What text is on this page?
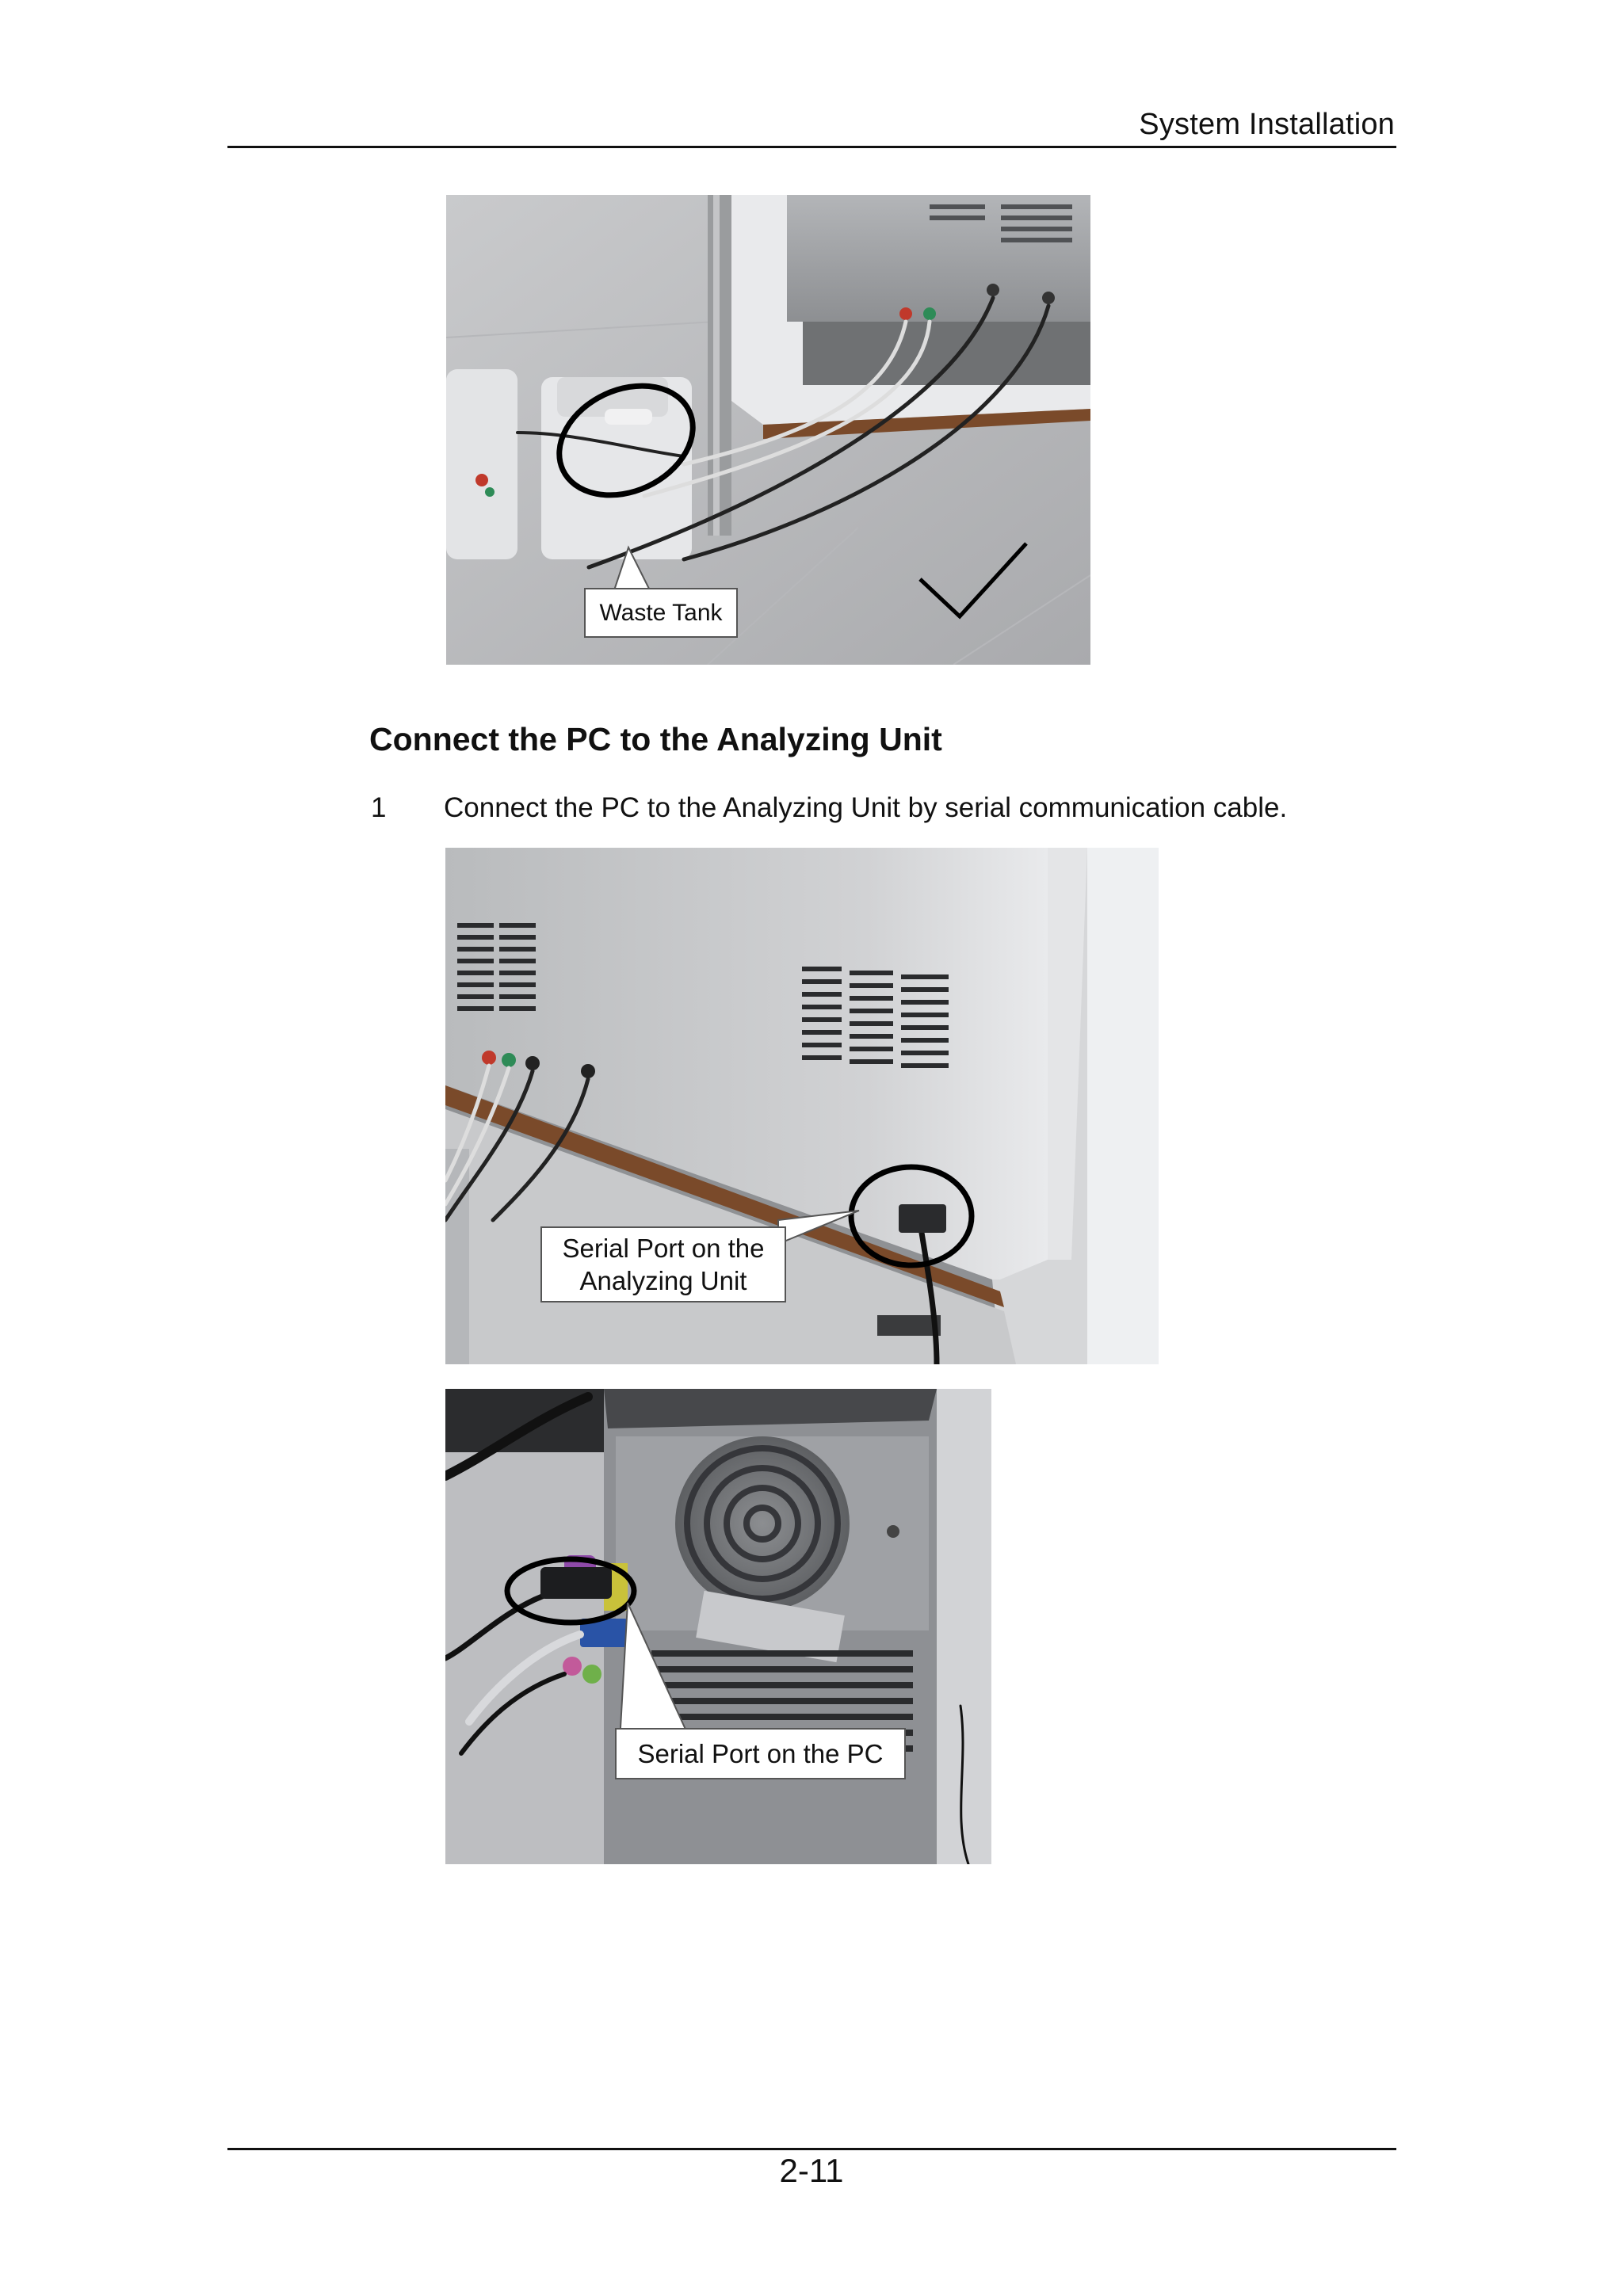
System Installation
Waste Tank
Connect the PC to the Analyzing Unit
1 Connect the PC to the Analyzing Unit by serial communication cable.
Serial Port on the
Analyzing Unit
Serial Port on the PC
2-11
